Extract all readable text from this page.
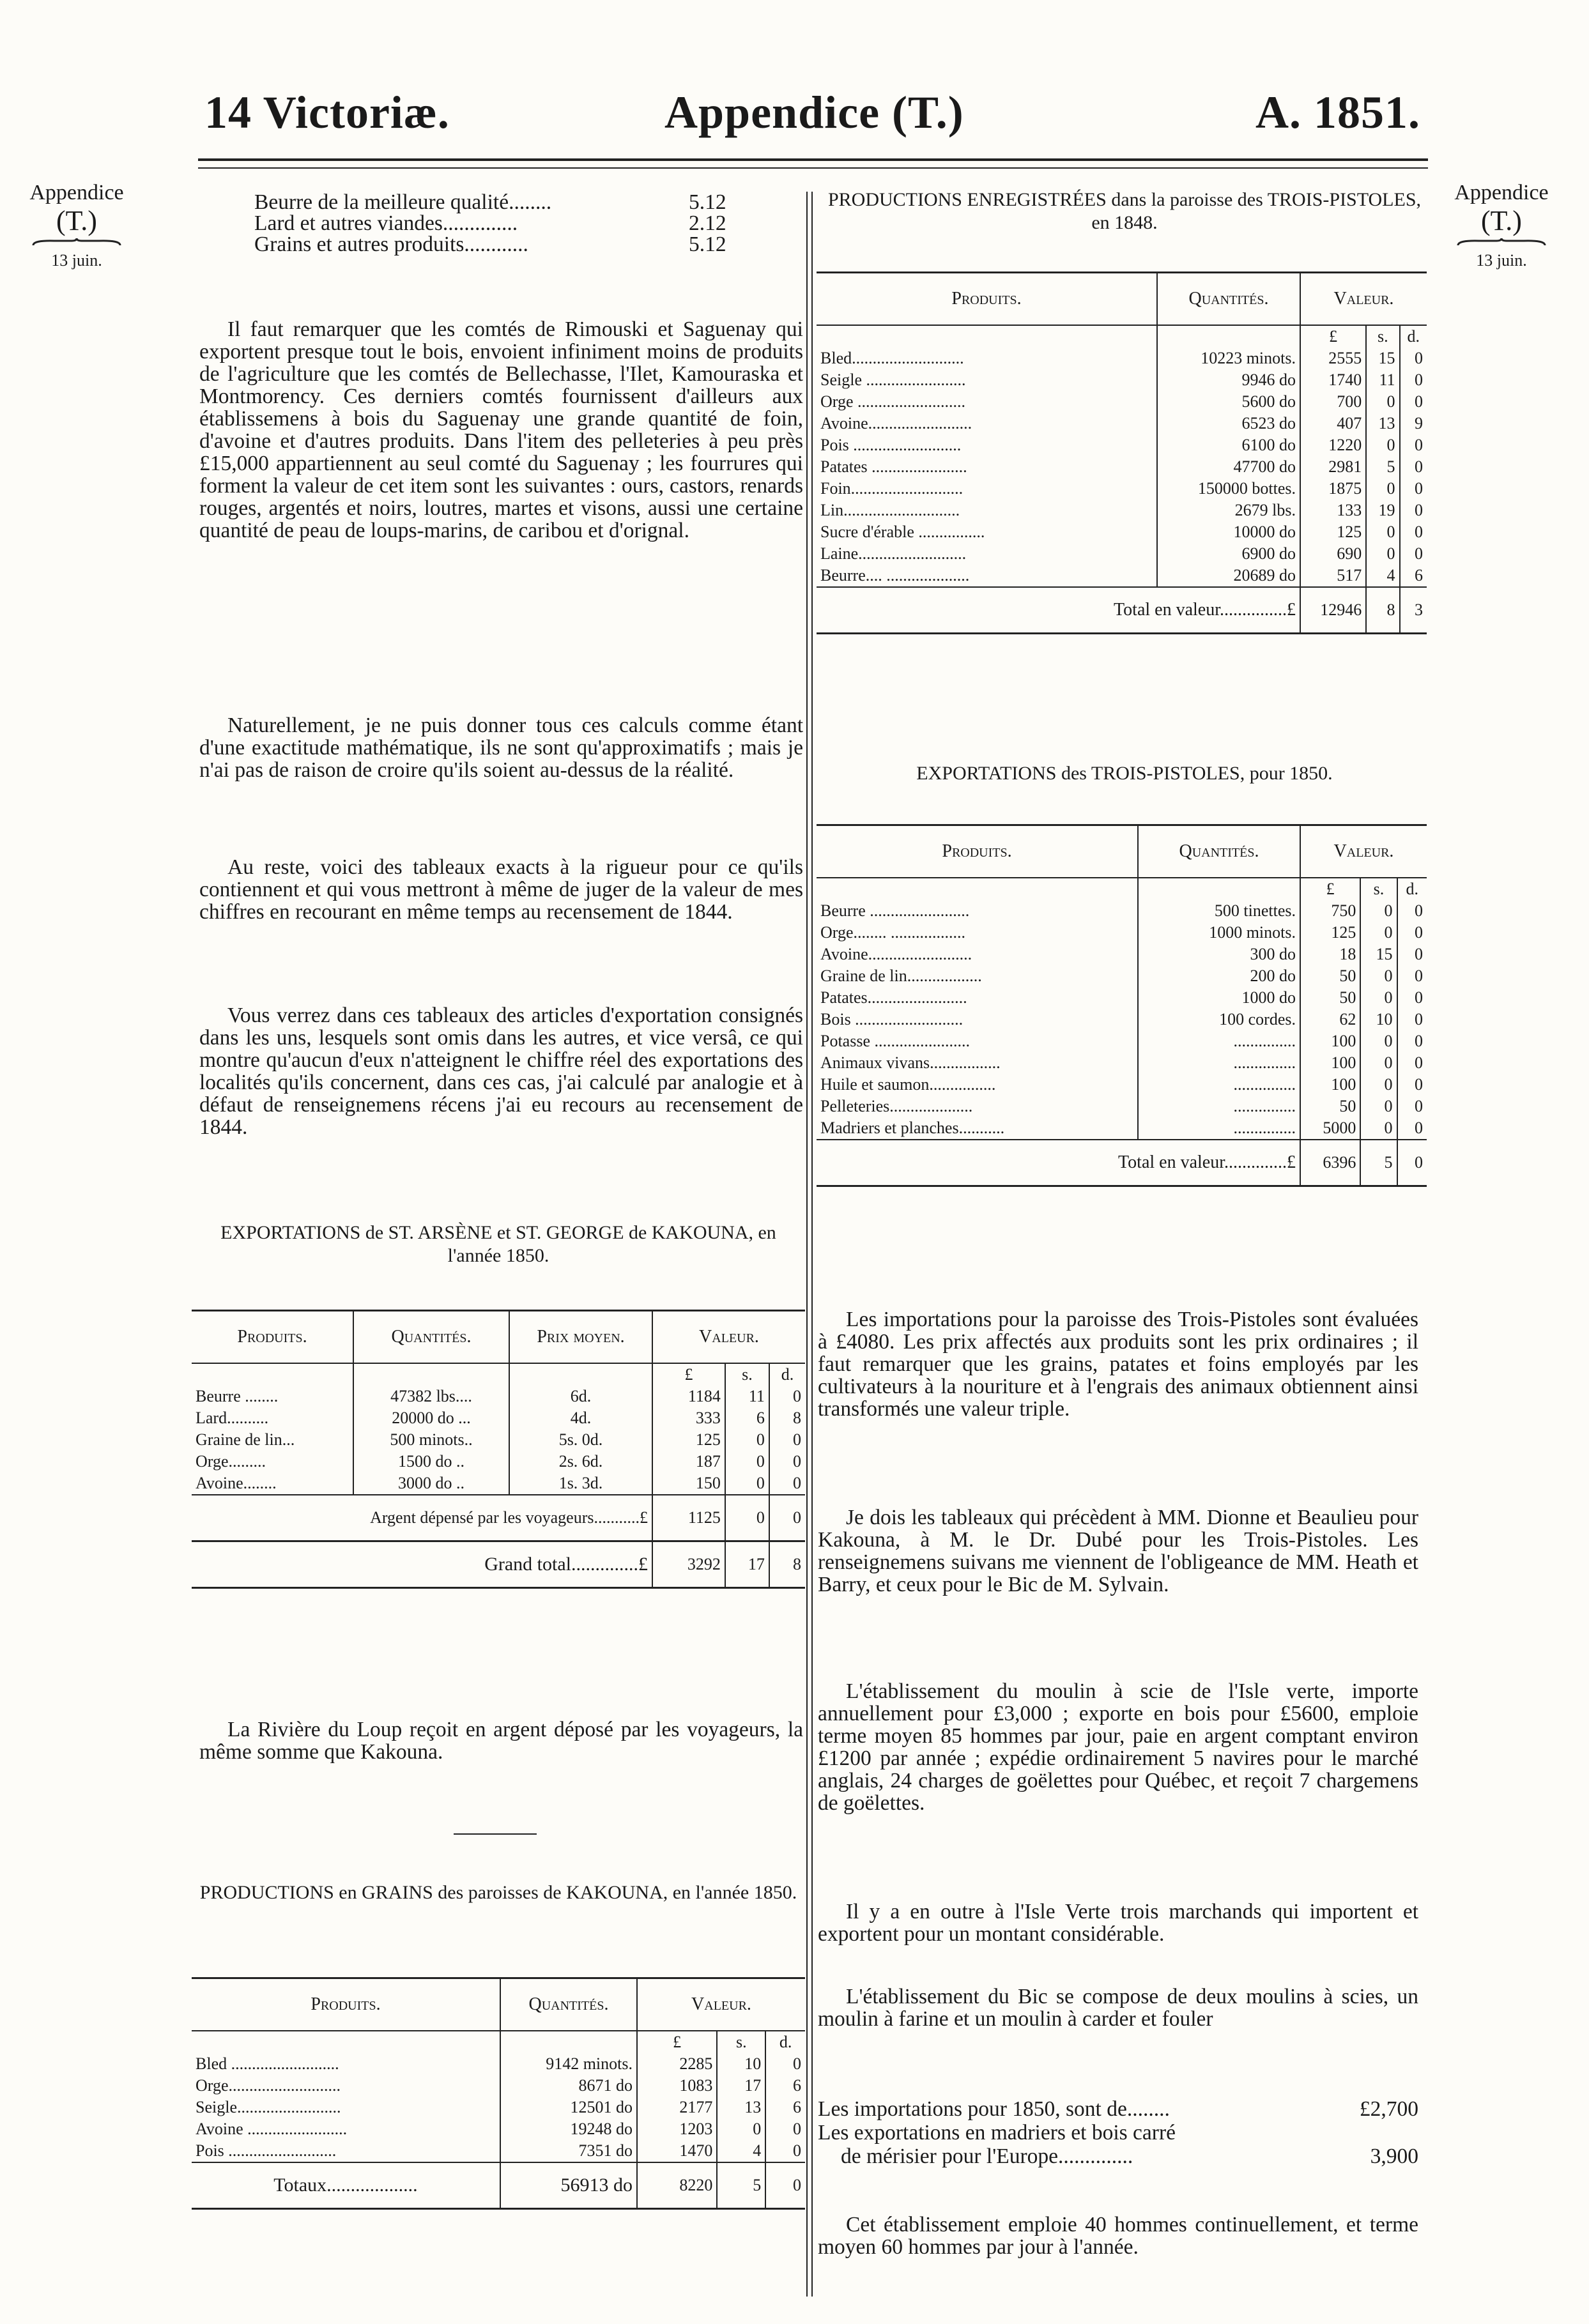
14 Victoriæ.	Appendice (T.)	A. 1851.
Appendice
(T.)
13 juin.
Appendice
(T.)
13 juin.
Beurre de la meilleure qualité........	5.12
Lard et autres viandes..............	2.12
Grains et autres produits............	5.12
Il faut remarquer que les comtés de Rimouski et Saguenay qui exportent presque tout le bois, envoient infiniment moins de produits de l'agriculture que les comtés de Bellechasse, l'Ilet, Kamouraska et Montmorency. Ces derniers comtés fournissent d'ailleurs aux établissemens à bois du Saguenay une grande quantité de foin, d'avoine et d'autres produits. Dans l'item des pelleteries à peu près £15,000 appartiennent au seul comté du Saguenay ; les fourrures qui forment la valeur de cet item sont les suivantes : ours, castors, renards rouges, argentés et noirs, loutres, martes et visons, aussi une certaine quantité de peau de loups-marins, de caribou et d'orignal.
Naturellement, je ne puis donner tous ces calculs comme étant d'une exactitude mathématique, ils ne sont qu'approximatifs ; mais je n'ai pas de raison de croire qu'ils soient au-dessus de la réalité.
Au reste, voici des tableaux exacts à la rigueur pour ce qu'ils contiennent et qui vous mettront à même de juger de la valeur de mes chiffres en recourant en même temps au recensement de 1844.
Vous verrez dans ces tableaux des articles d'exportation consignés dans les uns, lesquels sont omis dans les autres, et vice versâ, ce qui montre qu'aucun d'eux n'atteignent le chiffre réel des exportations des localités qu'ils concernent, dans ces cas, j'ai calculé par analogie et à défaut de renseignemens récens j'ai eu recours au recensement de 1844.
EXPORTATIONS de ST. ARSÈNE et ST. GEORGE de KAKOUNA, en l'année 1850.
Produits.	Quantités.	Prix moyen.	Valeur.		
			£	s.	d.
Beurre ........	47382 lbs....	6d.	1184	11	0
Lard..........	20000 do ...	4d.	333	6	8
Graine de lin...	500 minots..	5s. 0d.	125	0	0
Orge.........	1500 do ..	2s. 6d.	187	0	0
Avoine........	3000 do ..	1s. 3d.	150	0	0
Argent dépensé par les voyageurs...........£			1125	0	0
Grand total..............£			3292	17	8
La Rivière du Loup reçoit en argent déposé par les voyageurs, la même somme que Kakouna.
PRODUCTIONS en GRAINS des paroisses de KAKOUNA, en l'année 1850.
Produits.	Quantités.	Valeur.		
		£	s.	d.
Bled ..........................	9142 minots.	2285	10	0
Orge...........................	8671 do	1083	17	6
Seigle.........................	12501 do	2177	13	6
Avoine ........................	19248 do	1203	0	0
Pois ..........................	7351 do	1470	4	0
Totaux...................	56913 do	8220	5	0
PRODUCTIONS ENREGISTRÉES dans la paroisse des TROIS-PISTOLES, en 1848.
Produits.	Quantités.	Valeur.		
		£	s.	d.
Bled...........................	10223 minots.	2555	15	0
Seigle ........................	9946 do	1740	11	0
Orge ..........................	5600 do	700	0	0
Avoine.........................	6523 do	407	13	9
Pois ..........................	6100 do	1220	0	0
Patates .......................	47700 do	2981	5	0
Foin...........................	150000 bottes.	1875	0	0
Lin............................	2679 lbs.	133	19	0
Sucre d'érable ................	10000 do	125	0	0
Laine..........................	6900 do	690	0	0
Beurre.... ....................	20689 do	517	4	6
Total en valeur...............£		12946	8	3
EXPORTATIONS des TROIS-PISTOLES, pour 1850.
Produits.	Quantités.	Valeur.		
		£	s.	d.
Beurre ........................	500 tinettes.	750	0	0
Orge........ ..................	1000 minots.	125	0	0
Avoine.........................	300 do	18	15	0
Graine de lin..................	200 do	50	0	0
Patates........................	1000 do	50	0	0
Bois ..........................	100 cordes.	62	10	0
Potasse .......................	...............	100	0	0
Animaux vivans.................	...............	100	0	0
Huile et saumon................	...............	100	0	0
Pelleteries....................	...............	50	0	0
Madriers et planches...........	...............	5000	0	0
Total en valeur..............£		6396	5	0
Les importations pour la paroisse des Trois-Pistoles sont évaluées à £4080. Les prix affectés aux produits sont les prix ordinaires ; il faut remarquer que les grains, patates et foins employés par les cultivateurs à la nouriture et à l'engrais des animaux obtiennent ainsi transformés une valeur triple.
Je dois les tableaux qui précèdent à MM. Dionne et Beaulieu pour Kakouna, à M. le Dr. Dubé pour les Trois-Pistoles. Les renseignemens suivans me viennent de l'obligeance de MM. Heath et Barry, et ceux pour le Bic de M. Sylvain.
L'établissement du moulin à scie de l'Isle verte, importe annuellement pour £3,000 ; exporte en bois pour £5600, emploie terme moyen 85 hommes par jour, paie en argent comptant environ £1200 par année ; expédie ordinairement 5 navires pour le marché anglais, 24 charges de goëlettes pour Québec, et reçoit 7 chargemens de goëlettes.
Il y a en outre à l'Isle Verte trois marchands qui importent et exportent pour un montant considérable.
L'établissement du Bic se compose de deux moulins à scies, un moulin à farine et un moulin à carder et fouler
Les importations pour 1850, sont de........	£2,700
Les exportations en madriers et bois carré
de mérisier pour l'Europe..............	3,900
Cet établissement emploie 40 hommes continuellement, et terme moyen 60 hommes par jour à l'année.
